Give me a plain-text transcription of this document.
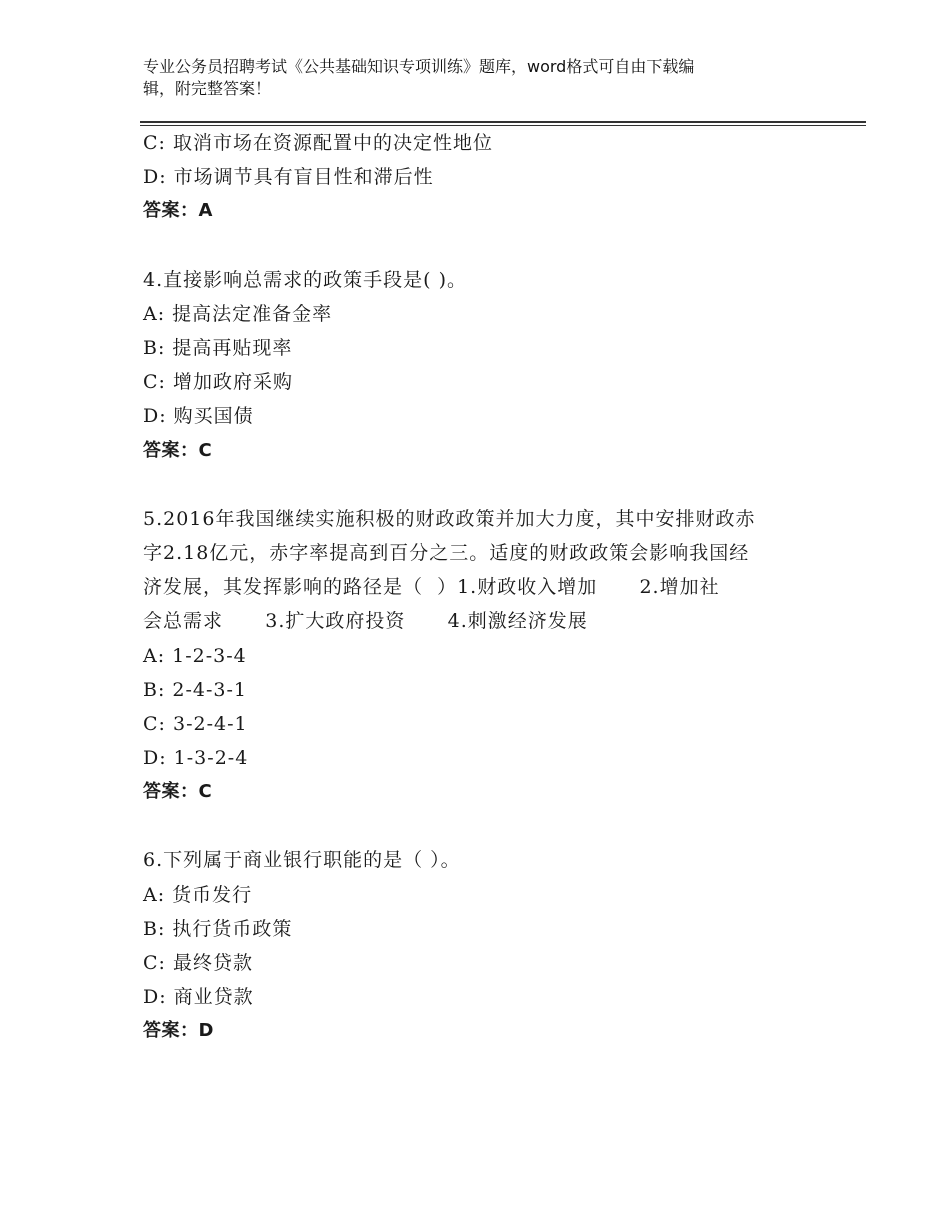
专业公务员招聘考试《公共基础知识专项训练》题库，word格式可自由下载编
辑，附完整答案！
C: 取消市场在资源配置中的决定性地位
D: 市场调节具有盲目性和滞后性
答案：A
4.直接影响总需求的政策手段是( )。
A: 提高法定准备金率
B: 提高再贴现率
C: 增加政府采购
D: 购买国债
答案：C
5.2016年我国继续实施积极的财政政策并加大力度，其中安排财政赤
字2.18亿元，赤字率提高到百分之三。适度的财政政策会影响我国经
济发展，其发挥影响的路径是（  ）1.财政收入增加      2.增加社
会总需求      3.扩大政府投资      4.刺激经济发展
A: 1-2-3-4
B: 2-4-3-1
C: 3-2-4-1
D: 1-3-2-4
答案：C
6.下列属于商业银行职能的是（ ）。
A: 货币发行
B: 执行货币政策
C: 最终贷款
D: 商业贷款
答案：D
